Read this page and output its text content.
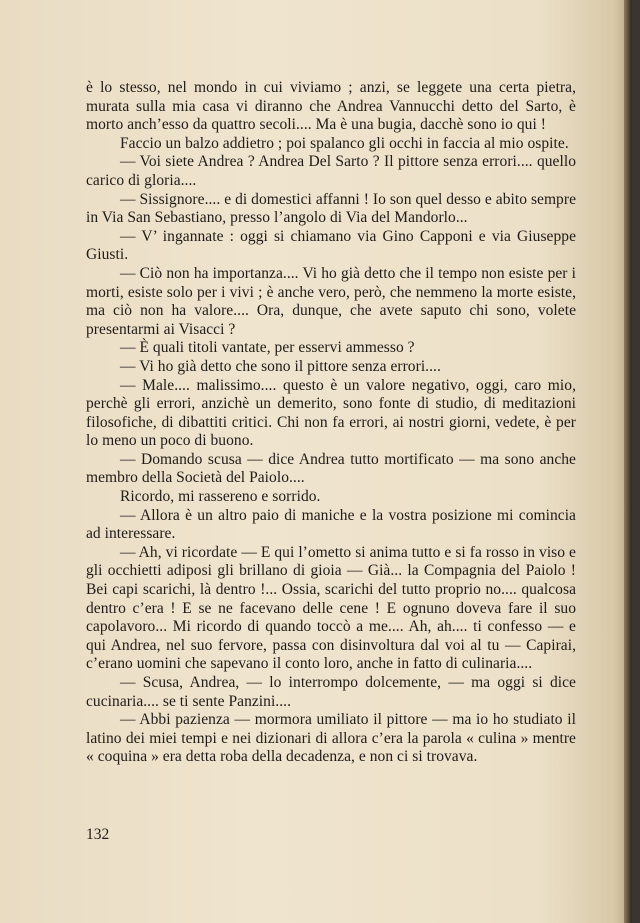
è lo stesso, nel mondo in cui viviamo ; anzi, se leggete una certa pietra, murata sulla mia casa vi diranno che Andrea Vannucchi detto del Sarto, è morto anch’esso da quattro secoli.... Ma è una bugia, dacchè sono io qui !

Faccio un balzo addietro ; poi spalanco gli occhi in faccia al mio ospite.

— Voi siete Andrea ? Andrea Del Sarto ? Il pittore senza errori.... quello carico di gloria....

— Sissignore.... e di domestici affanni ! Io son quel desso e abito sempre in Via San Sebastiano, presso l’angolo di Via del Mandorlo...

— V’ ingannate : oggi si chiamano via Gino Capponi e via Giuseppe Giusti.

— Ciò non ha importanza.... Vi ho già detto che il tempo non esiste per i morti, esiste solo per i vivi ; è anche vero, però, che nemmeno la morte esiste, ma ciò non ha valore.... Ora, dunque, che avete saputo chi sono, volete presentarmi ai Visacci ?

— È quali titoli vantate, per esservi ammesso ?

— Vi ho già detto che sono il pittore senza errori....

— Male.... malissimo.... questo è un valore negativo, oggi, caro mio, perchè gli errori, anzichè un demerito, sono fonte di studio, di meditazioni filosofiche, di dibattiti critici. Chi non fa errori, ai nostri giorni, vedete, è per lo meno un poco di buono.

— Domando scusa — dice Andrea tutto mortificato — ma sono anche membro della Società del Paiolo....

Ricordo, mi rassereno e sorrido.

— Allora è un altro paio di maniche e la vostra posizione mi comincia ad interessare.

— Ah, vi ricordate — E qui l’ometto si anima tutto e si fa rosso in viso e gli occhietti adiposi gli brillano di gioia — Già... la Compagnia del Paiolo ! Bei capi scarichi, là dentro !... Ossia, scarichi del tutto proprio no.... qualcosa dentro c’era ! E se ne facevano delle cene ! E ognuno doveva fare il suo capolavoro... Mi ricordo di quando toccò a me.... Ah, ah.... ti confesso — e qui Andrea, nel suo fervore, passa con disinvoltura dal voi al tu — Capirai, c’erano uomini che sapevano il conto loro, anche in fatto di culinaria....

— Scusa, Andrea, — lo interrompo dolcemente, — ma oggi si dice cucinaria.... se ti sente Panzini....

— Abbi pazienza — mormora umiliato il pittore — ma io ho studiato il latino dei miei tempi e nei dizionari di allora c’era la parola « culina » mentre « coquina » era detta roba della decadenza, e non ci si trovava.

132
